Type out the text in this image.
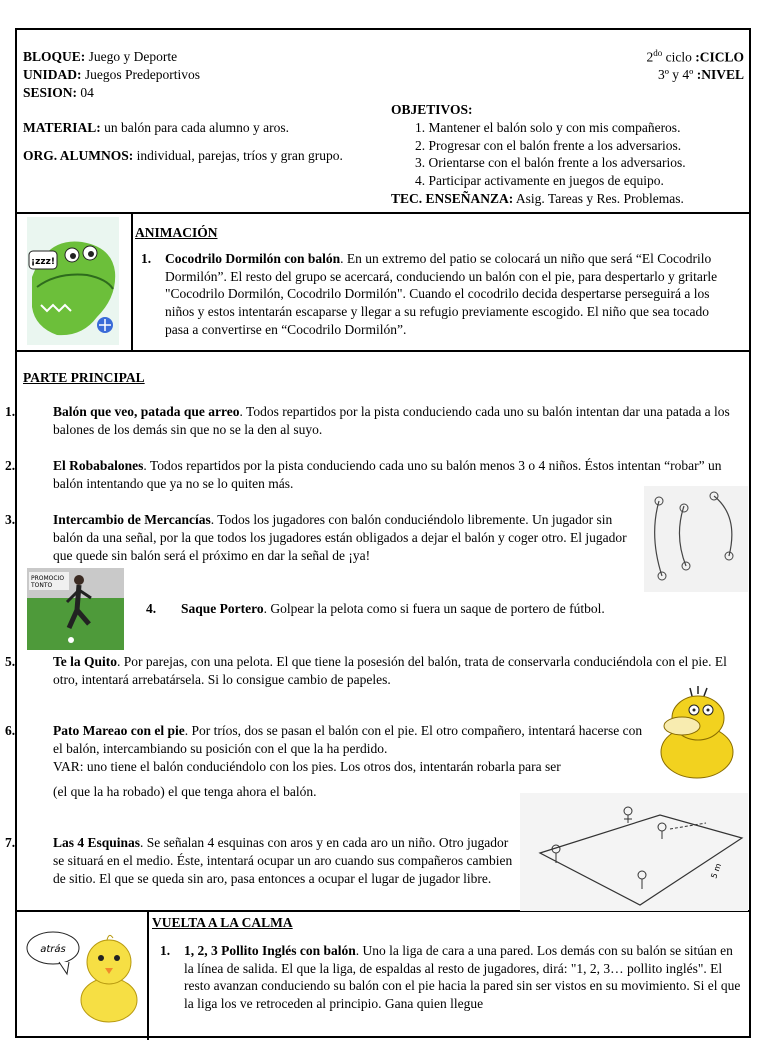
BLOQUE: Juego y Deporte
UNIDAD: Juegos Predeportivos
SESION: 04
MATERIAL: un balón para cada alumno y aros.
ORG. ALUMNOS: individual, parejas, tríos y gran grupo.
$2^{do}$ ciclo :CICLO
3º y 4º :NIVEL
OBJETIVOS:
1. Mantener el balón solo y con mis compañeros.
2. Progresar con el balón frente a los adversarios.
3. Orientarse con el balón frente a los adversarios.
4. Participar activamente en juegos de equipo.
TEC. ENSEÑANZA: Asig. Tareas y Res. Problemas.
¡zzz!
ANIMACIÓN
1. Cocodrilo Dormilón con balón. En un extremo del patio se colocará un niño que será “El Cocodrilo Dormilón”. El resto del grupo se acercará, conduciendo un balón con el pie, para despertarlo y gritarle "Cocodrilo Dormilón, Cocodrilo Dormilón". Cuando el cocodrilo decida despertarse perseguirá a los niños y estos intentarán escaparse y llegar a su refugio previamente escogido. El niño que sea tocado pasa a convertirse en “Cocodrilo Dormilón”.
PARTE PRINCIPAL
1.	Balón que veo, patada que arreo. Todos repartidos por la pista conduciendo cada uno su balón intentan dar una patada a los balones de los demás sin que no se la den al suyo.
2.	El Robabalones. Todos repartidos por la pista conduciendo cada uno su balón menos 3 o 4 niños. Éstos intentan “robar” un balón intentando que ya no se lo quiten más.
3.	Intercambio de Mercancías. Todos los jugadores con balón conduciéndolo libremente. Un jugador sin balón da una señal, por la que todos los jugadores están obligados a dejar el balón y coger otro. El jugador que quede sin balón será el próximo en dar la señal de ¡ya!
PROMOCIO
TONTO
4. Saque Portero. Golpear la pelota como si fuera un saque de portero de fútbol.
5.	Te la Quito. Por parejas, con una pelota. El que tiene la posesión del balón, trata de conservarla conduciéndola con el pie. El otro, intentará arrebatársela. Si lo consigue cambio de papeles.
6.	Pato Mareao con el pie. Por tríos, dos se pasan el balón con el pie. El otro compañero, intentará hacerse con el balón, intercambiando su posición con el que la ha perdido.
VAR: uno tiene el balón conduciéndolo con los pies. Los otros dos, intentarán robarla para ser
(el que la ha robado) el que tenga ahora el balón.
5 m
7.	Las 4 Esquinas. Se señalan 4 esquinas con aros y en cada aro un niño. Otro jugador se situará en el medio. Éste, intentará ocupar un aro cuando sus compañeros cambien de sitio. El que se queda sin aro, pasa entonces a ocupar el lugar de jugador libre.
atrás
VUELTA A LA CALMA
1. 1, 2, 3 Pollito Inglés con balón. Uno la liga de cara a una pared. Los demás con su balón se sitúan en la línea de salida. El que la liga, de espaldas al resto de jugadores, dirá: "1, 2, 3… pollito inglés". El resto avanzan conduciendo su balón con el pie hacia la pared sin ser vistos en su movimiento. Si el que la liga los ve retroceden al principio. Gana quien llegue
